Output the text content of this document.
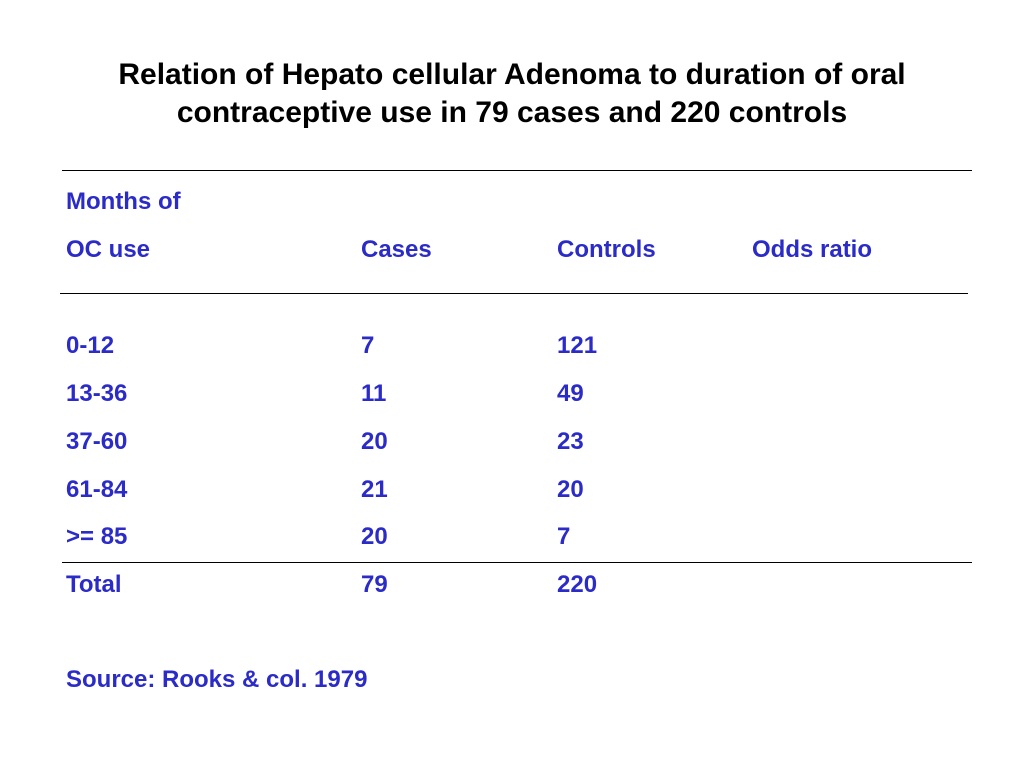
Relation of Hepato cellular Adenoma to duration of oral
contraceptive use in 79 cases and 220 controls
Months of
OC use	Cases	Controls	Odds ratio
0-12	7	121
13-36	11	49
37-60	20	23
61-84	21	20
>= 85	20	7
Total	79	220
Source: Rooks & col. 1979
